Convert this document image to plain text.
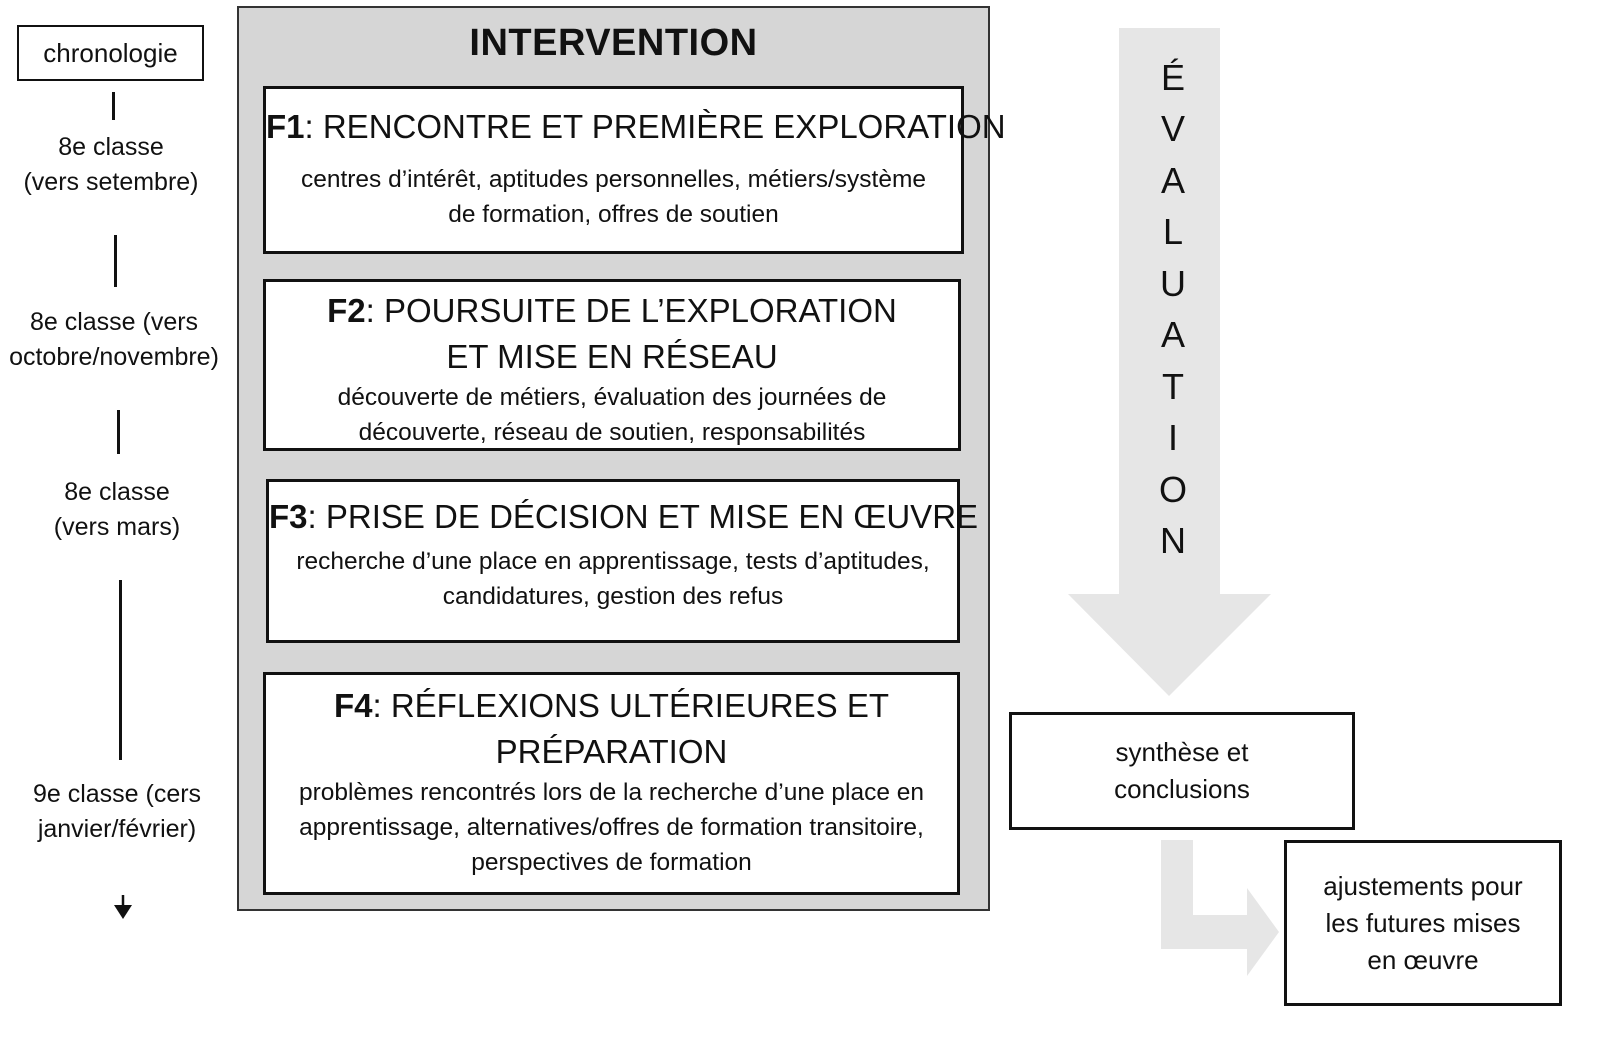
chronologie
8e classe
(vers setembre)
8e classe (vers
octobre/novembre)
8e classe
(vers mars)
9e classe (cers
janvier/février)
INTERVENTION
F1: RENCONTRE ET PREMIÈRE EXPLORATION
centres d’intérêt, aptitudes personnelles, métiers/système
de formation, offres de soutien
F2: POURSUITE DE L’EXPLORATION
ET MISE EN RÉSEAU
découverte de métiers, évaluation des journées de
découverte, réseau de soutien, responsabilités
F3: PRISE DE DÉCISION ET MISE EN ŒUVRE
recherche d’une place en apprentissage, tests d’aptitudes,
candidatures, gestion des refus
F4: RÉFLEXIONS ULTÉRIEURES ET
PRÉPARATION
problèmes rencontrés lors de la recherche d’une place en
apprentissage, alternatives/offres de formation transitoire,
perspectives de formation
É
V
A
L
U
A
T
I
O
N
synthèse et
conclusions
ajustements pour
les futures mises
en œuvre
